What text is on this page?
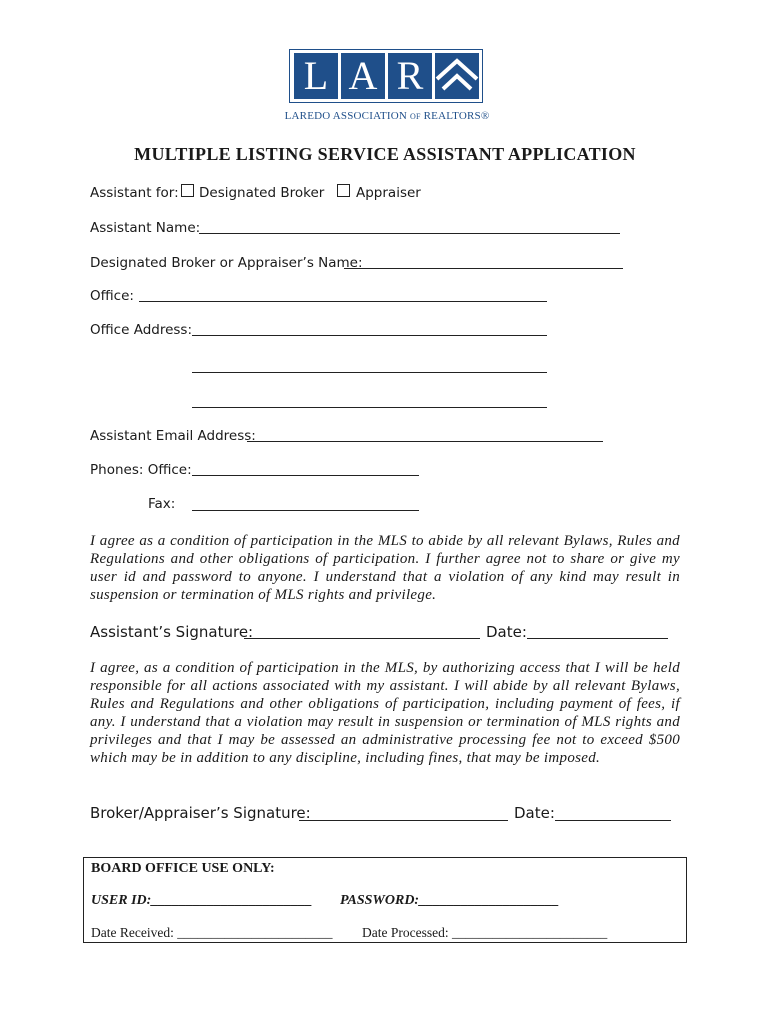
L A R
LAREDO ASSOCIATION OF REALTORS®
MULTIPLE LISTING SERVICE ASSISTANT APPLICATION
Assistant for: Designated Broker Appraiser
Assistant Name:
Designated Broker or Appraiser’s Name:
Office:
Office Address:
Assistant Email Address:
Phones: Office:
Fax:

I agree as a condition of participation in the MLS to abide by all relevant Bylaws, Rules and Regulations and other obligations of participation. I further agree not to share or give my user id and password to anyone. I understand that a violation of any kind may result in suspension or termination of MLS rights and privilege.

Assistant’s Signature:	Date:

I agree, as a condition of participation in the MLS, by authorizing access that I will be held responsible for all actions associated with my assistant. I will abide by all relevant Bylaws, Rules and Regulations and other obligations of participation, including payment of fees, if any. I understand that a violation may result in suspension or termination of MLS rights and privileges and that I may be assessed an administrative processing fee not to exceed $500 which may be in addition to any discipline, including fines, that may be imposed.

Broker/Appraiser’s Signature:	Date:
BOARD OFFICE USE ONLY:
USER ID:_______________________ PASSWORD:____________________
Date Received: _______________________ Date Processed: _______________________
